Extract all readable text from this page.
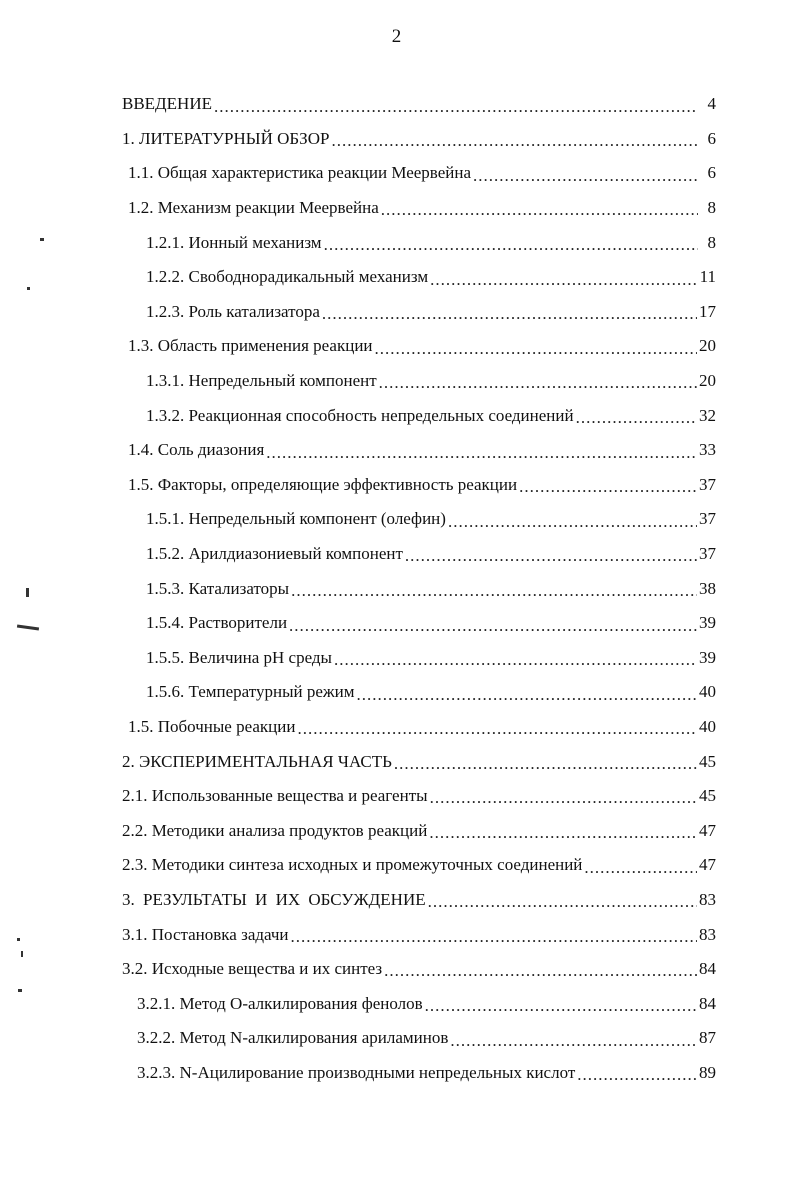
2
ВВЕДЕНИЕ .....	4
1. ЛИТЕРАТУРНЫЙ ОБЗОР .....	6
1.1. Общая характеристика реакции Меервейна .....	6
1.2. Механизм реакции Меервейна .....	8
1.2.1. Ионный механизм .....	8
1.2.2. Свободнорадикальный механизм .....	11
1.2.3. Роль катализатора .....	17
1.3. Область применения реакции .....	20
1.3.1. Непредельный компонент .....	20
1.3.2. Реакционная способность непредельных соединений .....	32
1.4. Соль диазония .....	33
1.5. Факторы, определяющие эффективность реакции .....	37
1.5.1. Непредельный компонент (олефин) .....	37
1.5.2. Арилдиазониевый компонент .....	37
1.5.3. Катализаторы .....	38
1.5.4. Растворители .....	39
1.5.5. Величина рН среды .....	39
1.5.6. Температурный режим .....	40
1.5. Побочные реакции .....	40
2. ЭКСПЕРИМЕНТАЛЬНАЯ ЧАСТЬ .....	45
2.1. Использованные вещества и реагенты .....	45
2.2. Методики анализа продуктов реакций .....	47
2.3. Методики синтеза исходных и промежуточных соединений .....	47
3. РЕЗУЛЬТАТЫ И ИХ ОБСУЖДЕНИЕ .....	83
3.1. Постановка задачи .....	83
3.2. Исходные вещества и их синтез .....	84
3.2.1. Метод О-алкилирования фенолов .....	84
3.2.2. Метод N-алкилирования ариламинов .....	87
3.2.3. N-Ацилирование производными непредельных кислот .....	89
